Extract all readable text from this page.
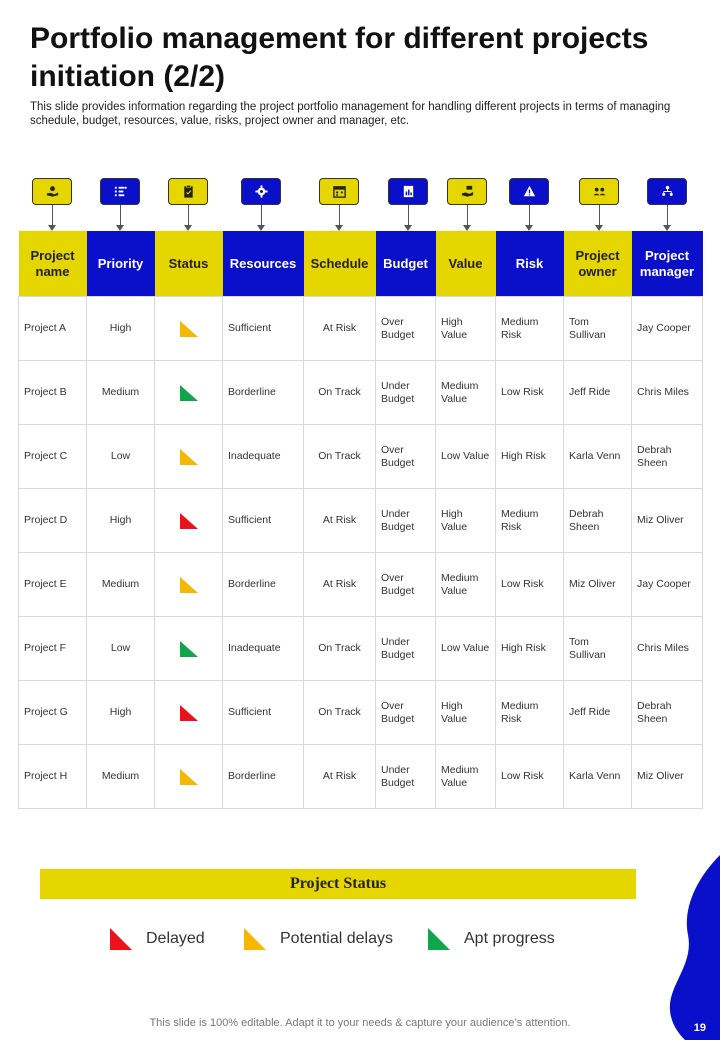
Portfolio management for different projects initiation (2/2)
This slide provides information regarding the project portfolio management for handling different projects in terms of managing schedule, budget, resources, value, risks, project owner and manager, etc.
Project name	Priority	Status	Resources	Schedule	Budget	Value	Risk	Project owner	Project manager
Project A	High		Sufficient	At Risk	Over Budget	High Value	Medium Risk	Tom Sullivan	Jay Cooper
Project B	Medium		Borderline	On Track	Under Budget	Medium Value	Low Risk	Jeff Ride	Chris Miles
Project C	Low		Inadequate	On Track	Over Budget	Low Value	High Risk	Karla Venn	Debrah Sheen
Project D	High		Sufficient	At Risk	Under Budget	High Value	Medium Risk	Debrah Sheen	Miz Oliver
Project E	Medium		Borderline	At Risk	Over Budget	Medium Value	Low Risk	Miz Oliver	Jay Cooper
Project F	Low		Inadequate	On Track	Under Budget	Low Value	High Risk	Tom Sullivan	Chris Miles
Project G	High		Sufficient	On Track	Over Budget	High Value	Medium Risk	Jeff Ride	Debrah Sheen
Project H	Medium		Borderline	At Risk	Under Budget	Medium Value	Low Risk	Karla Venn	Miz Oliver
Project Status
Delayed	Potential delays	Apt progress
This slide is 100% editable. Adapt it to your needs & capture your audience’s attention.	19
